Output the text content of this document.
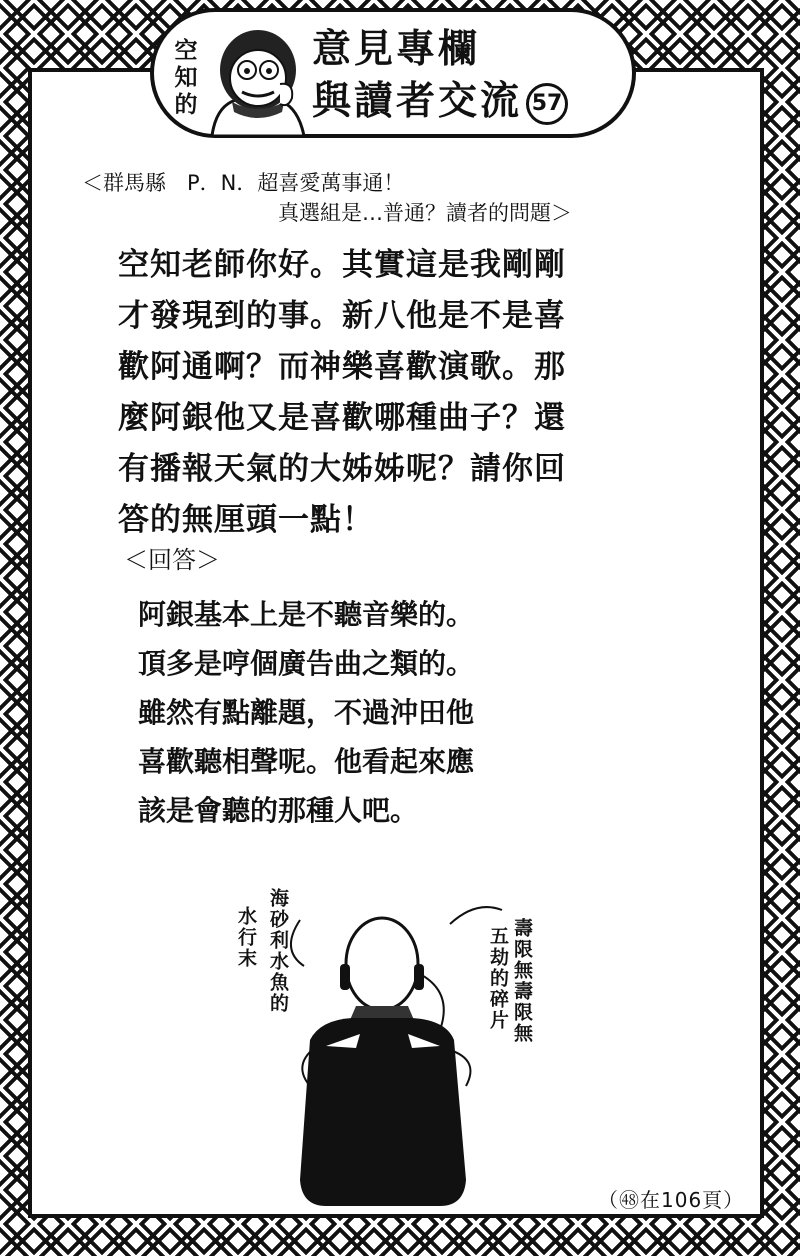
空
知
的
意見專欄
與讀者交流 57
＜群馬縣　P．N．超喜愛萬事通！
真選組是…普通？讀者的問題＞
空知老師你好。其實這是我剛剛
才發現到的事。新八他是不是喜
歡阿通啊？而神樂喜歡演歌。那
麼阿銀他又是喜歡哪種曲子？還
有播報天氣的大姊姊呢？請你回
答的無厘頭一點！
＜回答＞
阿銀基本上是不聽音樂的。
頂多是哼個廣告曲之類的。
雖然有點離題，不過沖田他
喜歡聽相聲呢。他看起來應
該是會聽的那種人吧。
海砂利水魚的
水行末	壽限無壽限無
五劫的碎片
（㊽在106頁）
